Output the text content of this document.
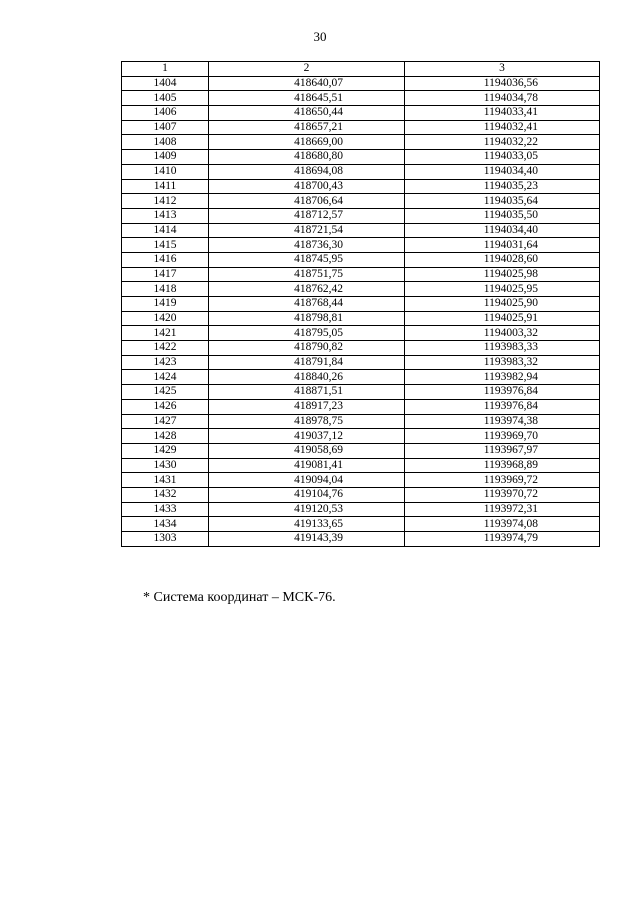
30
1	2	3
1404	418640,07	1194036,56
1405	418645,51	1194034,78
1406	418650,44	1194033,41
1407	418657,21	1194032,41
1408	418669,00	1194032,22
1409	418680,80	1194033,05
1410	418694,08	1194034,40
1411	418700,43	1194035,23
1412	418706,64	1194035,64
1413	418712,57	1194035,50
1414	418721,54	1194034,40
1415	418736,30	1194031,64
1416	418745,95	1194028,60
1417	418751,75	1194025,98
1418	418762,42	1194025,95
1419	418768,44	1194025,90
1420	418798,81	1194025,91
1421	418795,05	1194003,32
1422	418790,82	1193983,33
1423	418791,84	1193983,32
1424	418840,26	1193982,94
1425	418871,51	1193976,84
1426	418917,23	1193976,84
1427	418978,75	1193974,38
1428	419037,12	1193969,70
1429	419058,69	1193967,97
1430	419081,41	1193968,89
1431	419094,04	1193969,72
1432	419104,76	1193970,72
1433	419120,53	1193972,31
1434	419133,65	1193974,08
1303	419143,39	1193974,79
* Система координат – МСК-76.
